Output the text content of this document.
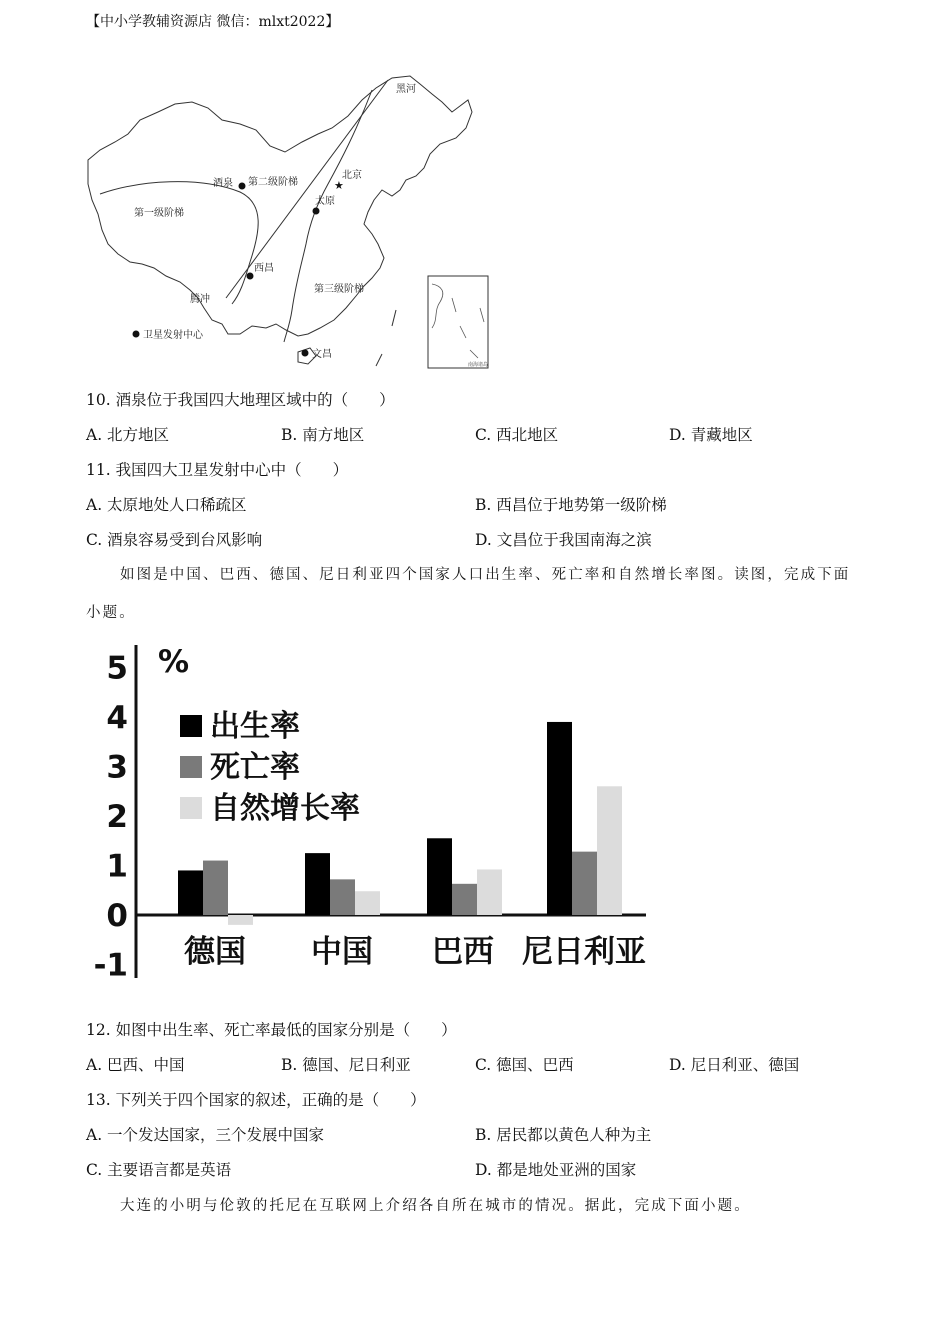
【中小学教辅资源店 微信：mlxt2022】
酒泉 第二级阶梯
第一级阶梯
黑河
★
北京
太原
西昌
腾冲
第三级阶梯
文昌
卫星发射中心
南海诸岛
10. 酒泉位于我国四大地理区域中的（　　）
A. 北方地区	B. 南方地区	C. 西北地区	D. 青藏地区
11. 我国四大卫星发射中心中（　　）
A. 太原地处人口稀疏区	B. 西昌位于地势第一级阶梯
C. 酒泉容易受到台风影响	D. 文昌位于我国南海之滨
如图是中国、巴西、德国、尼日利亚四个国家人口出生率、死亡率和自然增长率图。读图，完成下面
小题。
5
4
3
2
1
0
-1
%
德国 中国 巴西 尼日利亚
出生率
死亡率
自然增长率
12. 如图中出生率、死亡率最低的国家分别是（　　）
A. 巴西、中国	B. 德国、尼日利亚	C. 德国、巴西	D. 尼日利亚、德国
13. 下列关于四个国家的叙述，正确的是（　　）
A. 一个发达国家，三个发展中国家	B. 居民都以黄色人种为主
C. 主要语言都是英语	D. 都是地处亚洲的国家
大连的小明与伦敦的托尼在互联网上介绍各自所在城市的情况。据此，完成下面小题。
